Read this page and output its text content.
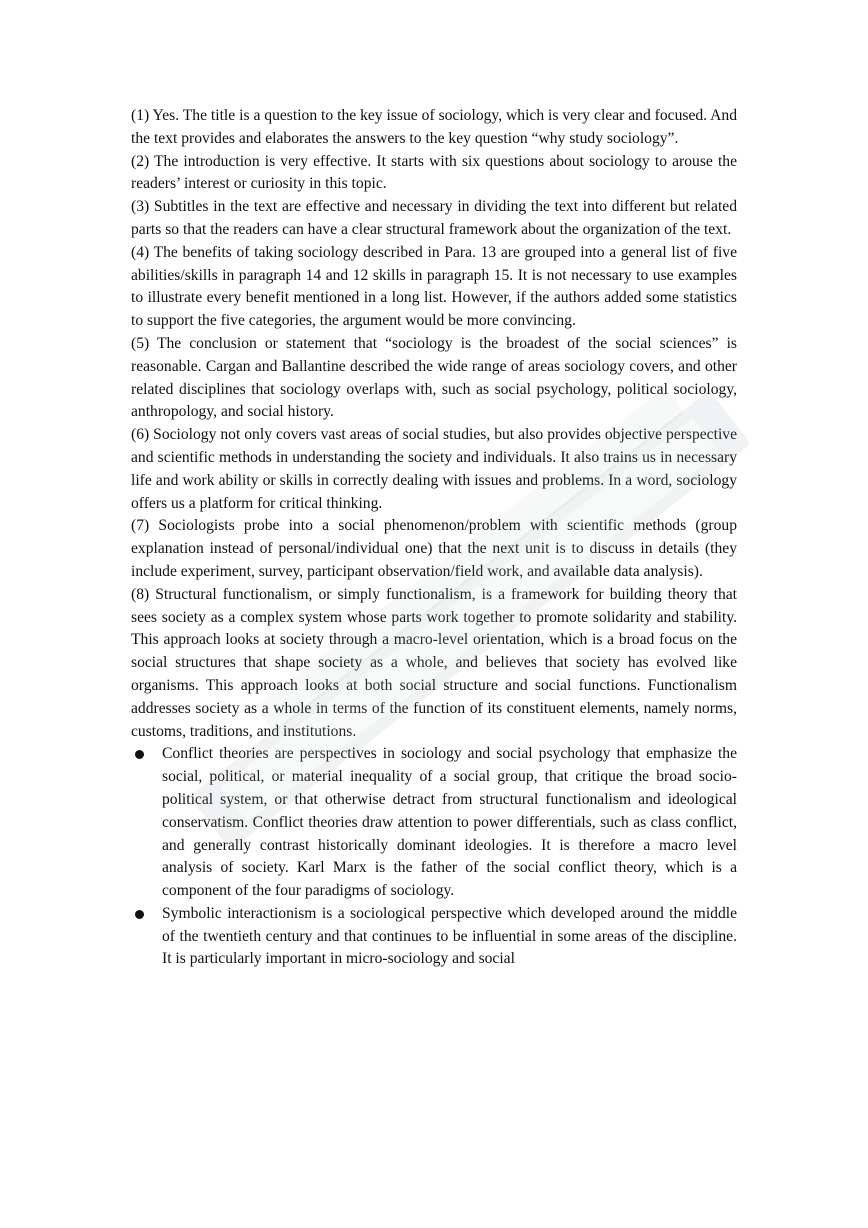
(1) Yes. The title is a question to the key issue of sociology, which is very clear and focused. And the text provides and elaborates the answers to the key question “why study sociology”.

(2) The introduction is very effective. It starts with six questions about sociology to arouse the readers’ interest or curiosity in this topic.

(3) Subtitles in the text are effective and necessary in dividing the text into different but related parts so that the readers can have a clear structural framework about the organization of the text.

(4) The benefits of taking sociology described in Para. 13 are grouped into a general list of five abilities/skills in paragraph 14 and 12 skills in paragraph 15. It is not necessary to use examples to illustrate every benefit mentioned in a long list. However, if the authors added some statistics to support the five categories, the argument would be more convincing.

(5) The conclusion or statement that “sociology is the broadest of the social sciences” is reasonable. Cargan and Ballantine described the wide range of areas sociology covers, and other related disciplines that sociology overlaps with, such as social psychology, political sociology, anthropology, and social history.

(6) Sociology not only covers vast areas of social studies, but also provides objective perspective and scientific methods in understanding the society and individuals. It also trains us in necessary life and work ability or skills in correctly dealing with issues and problems. In a word, sociology offers us a platform for critical thinking.

(7) Sociologists probe into a social phenomenon/problem with scientific methods (group explanation instead of personal/individual one) that the next unit is to discuss in details (they include experiment, survey, participant observation/field work, and available data analysis).

(8) Structural functionalism, or simply functionalism, is a framework for building theory that sees society as a complex system whose parts work together to promote solidarity and stability. This approach looks at society through a macro-level orientation, which is a broad focus on the social structures that shape society as a whole, and believes that society has evolved like organisms. This approach looks at both social structure and social functions. Functionalism addresses society as a whole in terms of the function of its constituent elements, namely norms, customs, traditions, and institutions.

Conflict theories are perspectives in sociology and social psychology that emphasize the social, political, or material inequality of a social group, that critique the broad socio-political system, or that otherwise detract from structural functionalism and ideological conservatism. Conflict theories draw attention to power differentials, such as class conflict, and generally contrast historically dominant ideologies. It is therefore a macro level analysis of society. Karl Marx is the father of the social conflict theory, which is a component of the four paradigms of sociology.
Symbolic interactionism is a sociological perspective which developed around the middle of the twentieth century and that continues to be influential in some areas of the discipline. It is particularly important in micro-sociology and social
